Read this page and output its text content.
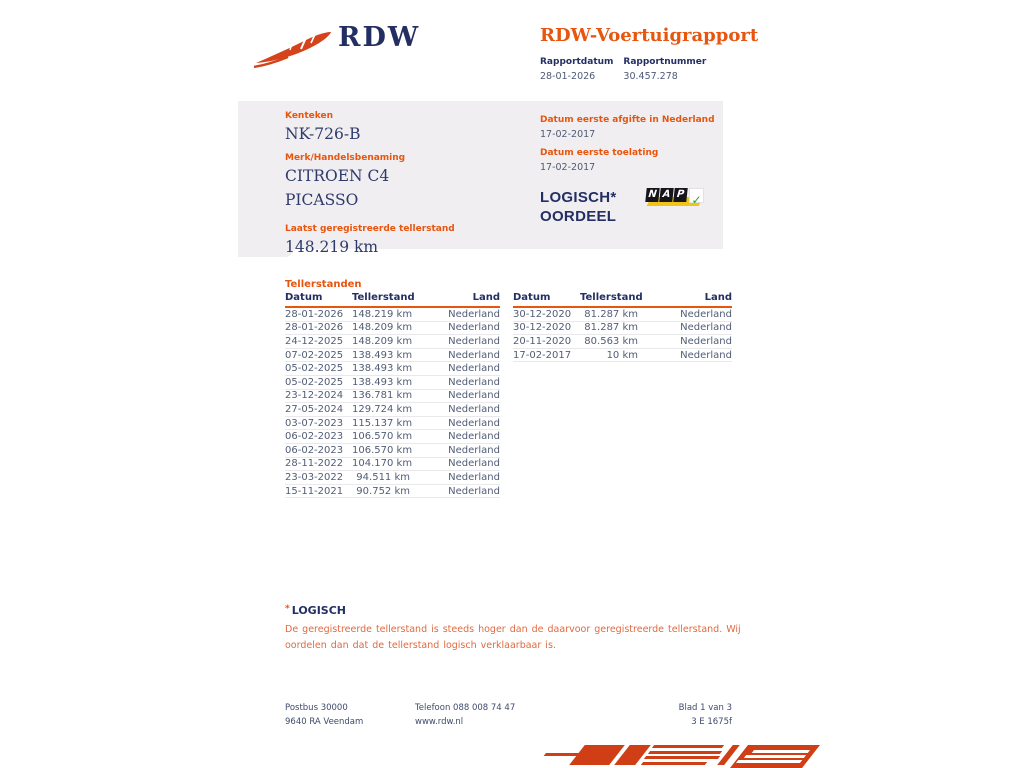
RDW	RDW-Voertuigrapport
Rapportdatum
28-01-2026
Rapportnummer
30.457.278
Kenteken
NK-726-B
Merk/Handelsbenaming
CITROEN C4
PICASSO
Laatst geregistreerde tellerstand
148.219 km
Datum eerste afgifte in Nederland
17-02-2017
Datum eerste toelating
17-02-2017
LOGISCH*
OORDEEL
N A P ✓
Tellerstanden
Datum	Tellerstand	Land
28-01-2026 148.219 km	Nederland
28-01-2026 148.209 km	Nederland
24-12-2025 148.209 km	Nederland
07-02-2025 138.493 km	Nederland
05-02-2025 138.493 km	Nederland
05-02-2025 138.493 km	Nederland
23-12-2024 136.781 km	Nederland
27-05-2024 129.724 km	Nederland
03-07-2023 115.137 km	Nederland
06-02-2023 106.570 km	Nederland
06-02-2023 106.570 km	Nederland
28-11-2022 104.170 km	Nederland
23-03-2022	94.511 km	Nederland
15-11-2021	90.752 km	Nederland
Datum	Tellerstand	Land
30-12-2020	81.287 km	Nederland
30-12-2020	81.287 km	Nederland
20-11-2020	80.563 km	Nederland
17-02-2017	10 km	Nederland
* LOGISCH
De geregistreerde tellerstand is steeds hoger dan de daarvoor geregistreerde tellerstand. Wij oordelen dan dat de tellerstand logisch verklaarbaar is.
Postbus 30000
9640 RA Veendam
Telefoon 088 008 74 47
www.rdw.nl
Blad 1 van 3
3 E 1675f
